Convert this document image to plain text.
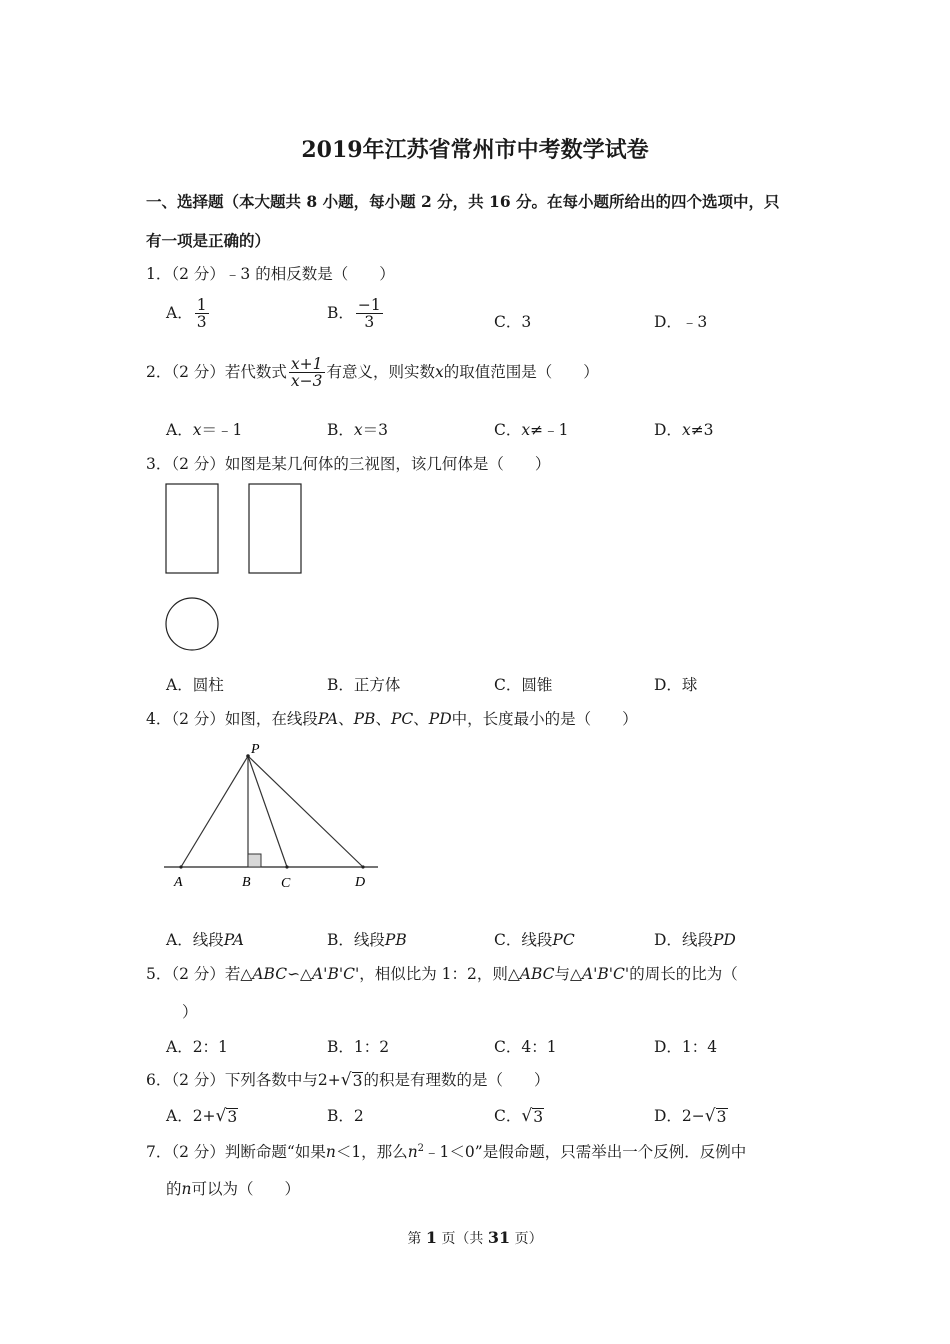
2019年江苏省常州市中考数学试卷
一、选择题（本大题共 8 小题，每小题 2 分，共 16 分。在每小题所给出的四个选项中，只
有一项是正确的）
1．（2 分）﹣3 的相反数是（　　）
A． $\frac{1}{3}$	B． $\frac{-1}{3}$	C．3	D．﹣3
2．（2 分）若代数式 $\frac{x+1}{x-3}$ 有意义，则实数x的取值范围是（　　）
A．x＝﹣1	B．x＝3	C．x≠﹣1	D．x≠3
3．（2 分）如图是某几何体的三视图，该几何体是（　　）
A．圆柱	B．正方体	C．圆锥	D．球
4．（2 分）如图，在线段PA、PB、PC、PD中，长度最小的是（　　）
P
A	B C	D
A．线段PA	B．线段PB	C．线段PC	D．线段PD
5．（2 分）若△ABC∽△A'B'C'，相似比为 1：2，则△ABC与△A'B'C'的周长的比为（
）
A．2：1	B．1：2	C．4：1	D．1：4
6．（2 分）下列各数中与2+ √ 3 的积是有理数的是（　　）
A．2+ √ 3	B．2	C． √ 3	D．2− √ 3
7．（2 分）判断命题“如果n＜1，那么$n^2﹣1<0$”是假命题，只需举出一个反例．反例中
的n可以为（　　）
第 1 页（共 31 页）
